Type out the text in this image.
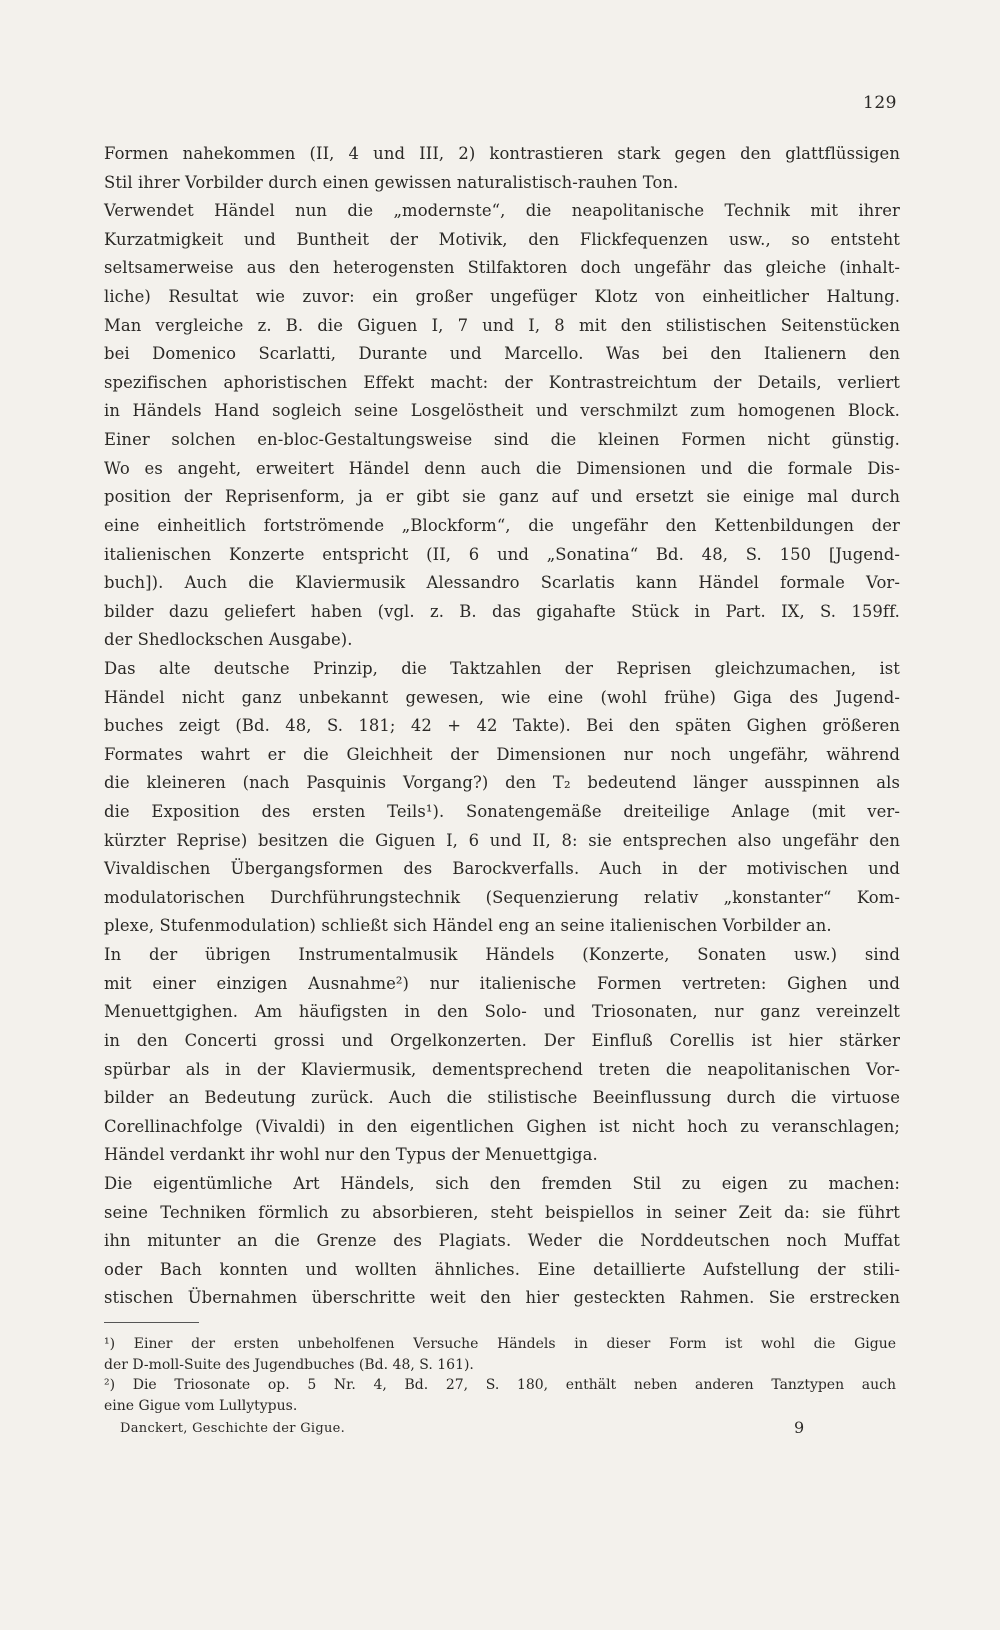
129
Formen nahekommen (II, 4 und III, 2) kontrastieren stark gegen den glattflüssigen
Stil ihrer Vorbilder durch einen gewissen naturalistisch-rauhen Ton.
Verwendet Händel nun die „modernste“, die neapolitanische Technik mit ihrer
Kurzatmigkeit und Buntheit der Motivik, den Flickfequenzen usw., so entsteht
seltsamerweise aus den heterogensten Stilfaktoren doch ungefähr das gleiche (inhalt-
liche) Resultat wie zuvor: ein großer ungefüger Klotz von einheitlicher Haltung.
Man vergleiche z. B. die Giguen I, 7 und I, 8 mit den stilistischen Seitenstücken
bei Domenico Scarlatti, Durante und Marcello. Was bei den Italienern den
spezifischen aphoristischen Effekt macht: der Kontrastreichtum der Details, verliert
in Händels Hand sogleich seine Losgelöstheit und verschmilzt zum homogenen Block.
Einer solchen en-bloc-Gestaltungsweise sind die kleinen Formen nicht günstig.
Wo es angeht, erweitert Händel denn auch die Dimensionen und die formale Dis-
position der Reprisenform, ja er gibt sie ganz auf und ersetzt sie einige mal durch
eine einheitlich fortströmende „Blockform“, die ungefähr den Kettenbildungen der
italienischen Konzerte entspricht (II, 6 und „Sonatina“ Bd. 48, S. 150 [Jugend-
buch]). Auch die Klaviermusik Alessandro Scarlatis kann Händel formale Vor-
bilder dazu geliefert haben (vgl. z. B. das gigahafte Stück in Part. IX, S. 159ff.
der Shedlockschen Ausgabe).
Das alte deutsche Prinzip, die Taktzahlen der Reprisen gleichzumachen, ist
Händel nicht ganz unbekannt gewesen, wie eine (wohl frühe) Giga des Jugend-
buches zeigt (Bd. 48, S. 181; 42 + 42 Takte). Bei den späten Gighen größeren
Formates wahrt er die Gleichheit der Dimensionen nur noch ungefähr, während
die kleineren (nach Pasquinis Vorgang?) den T₂ bedeutend länger ausspinnen als
die Exposition des ersten Teils¹). Sonatengemäße dreiteilige Anlage (mit ver-
kürzter Reprise) besitzen die Giguen I, 6 und II, 8: sie entsprechen also ungefähr den
Vivaldischen Übergangsformen des Barockverfalls. Auch in der motivischen und
modulatorischen Durchführungstechnik (Sequenzierung relativ „konstanter“ Kom-
plexe, Stufenmodulation) schließt sich Händel eng an seine italienischen Vorbilder an.
In der übrigen Instrumentalmusik Händels (Konzerte, Sonaten usw.) sind
mit einer einzigen Ausnahme²) nur italienische Formen vertreten: Gighen und
Menuettgighen. Am häufigsten in den Solo- und Triosonaten, nur ganz vereinzelt
in den Concerti grossi und Orgelkonzerten. Der Einfluß Corellis ist hier stärker
spürbar als in der Klaviermusik, dementsprechend treten die neapolitanischen Vor-
bilder an Bedeutung zurück. Auch die stilistische Beeinflussung durch die virtuose
Corellinachfolge (Vivaldi) in den eigentlichen Gighen ist nicht hoch zu veranschlagen;
Händel verdankt ihr wohl nur den Typus der Menuettgiga.
Die eigentümliche Art Händels, sich den fremden Stil zu eigen zu machen:
seine Techniken förmlich zu absorbieren, steht beispiellos in seiner Zeit da: sie führt
ihn mitunter an die Grenze des Plagiats. Weder die Norddeutschen noch Muffat
oder Bach konnten und wollten ähnliches. Eine detaillierte Aufstellung der stili-
stischen Übernahmen überschritte weit den hier gesteckten Rahmen. Sie erstrecken
¹) Einer der ersten unbeholfenen Versuche Händels in dieser Form ist wohl die Gigue
der D-moll-Suite des Jugendbuches (Bd. 48, S. 161).
²) Die Triosonate op. 5 Nr. 4, Bd. 27, S. 180, enthält neben anderen Tanztypen auch
eine Gigue vom Lullytypus.
Danckert, Geschichte der Gigue.	9
